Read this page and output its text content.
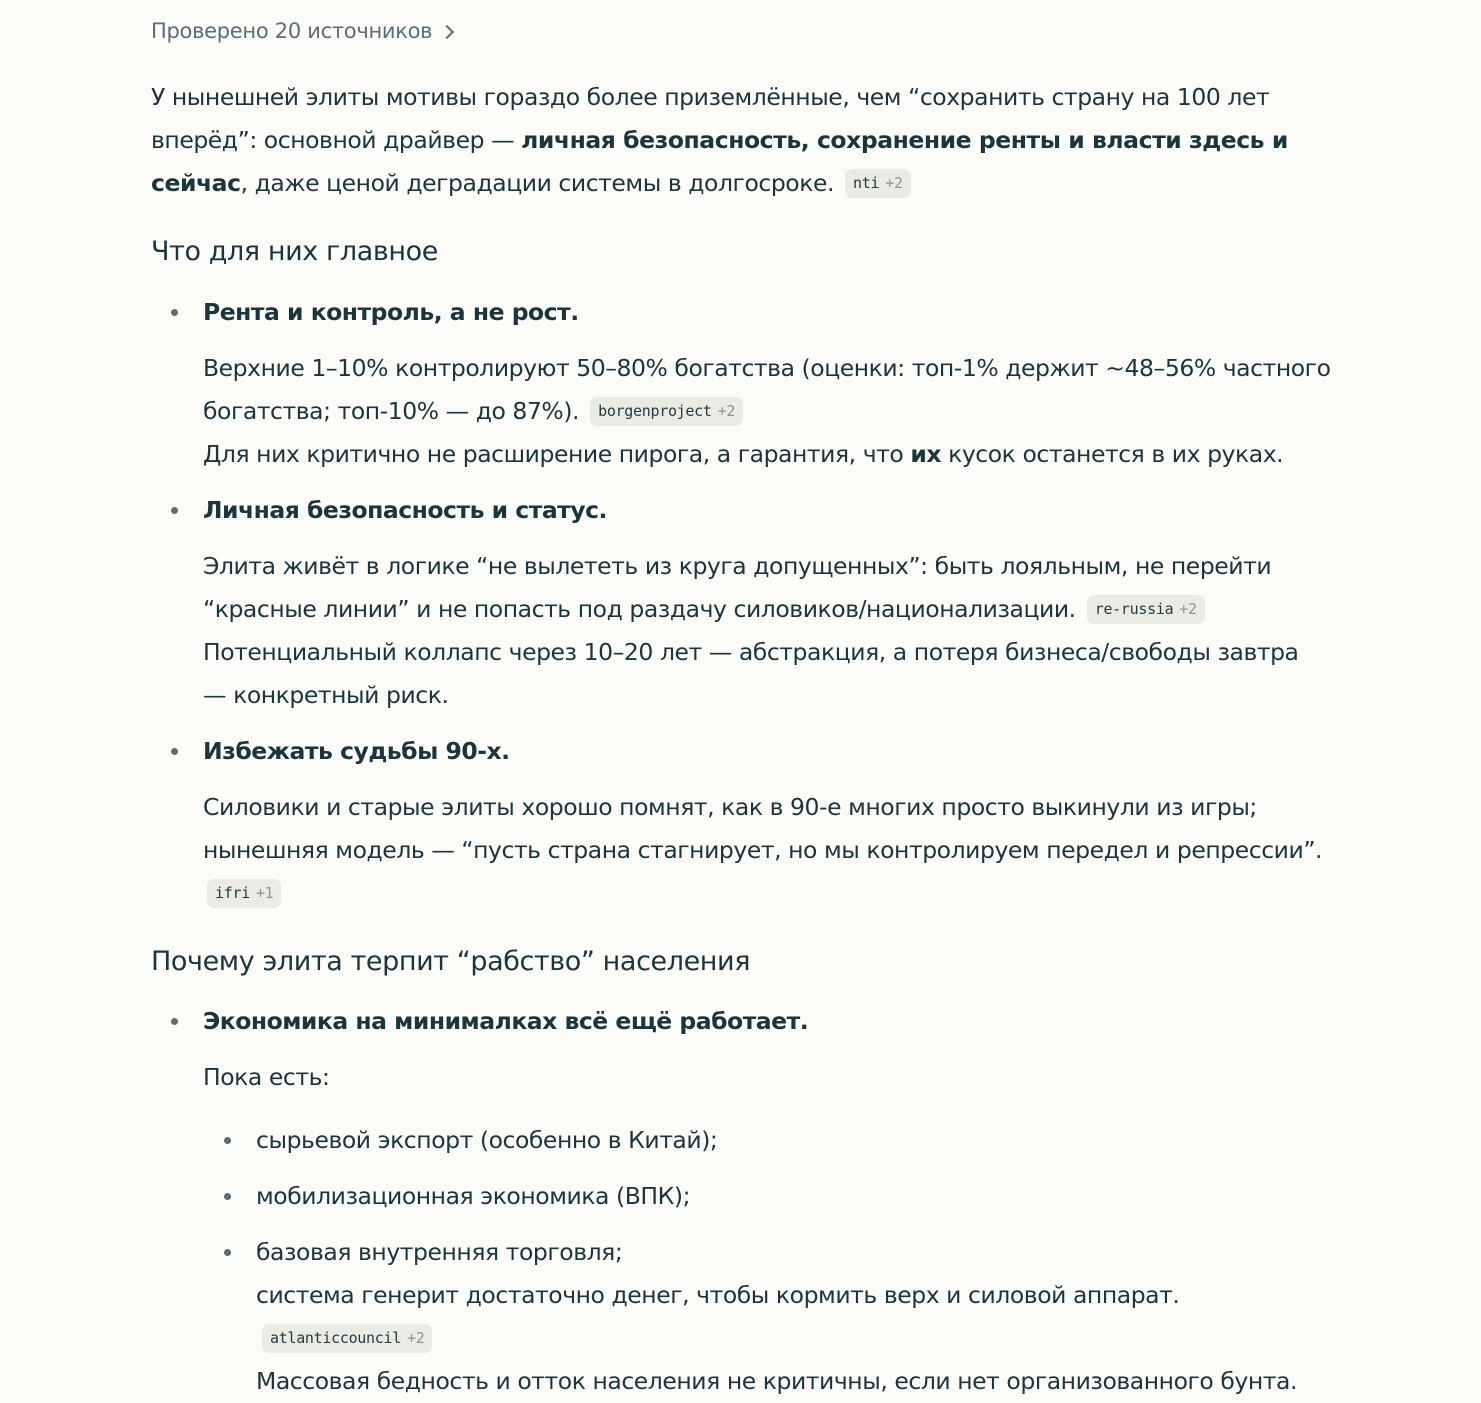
Проверено 20 источников

У нынешней элиты мотивы гораздо более приземлённые, чем “сохранить страну на 100 лет вперёд”: основной драйвер — личная безопасность, сохранение ренты и власти здесь и сейчас, даже ценой деградации системы в долгосроке. nti +2

Что для них главное
Рента и контроль, а не рост.

Верхние 1–10% контролируют 50–80% богатства (оценки: топ-1% держит ~48–56% частного богатства; топ-10% — до 87%). borgenproject +2

Для них критично не расширение пирога, а гарантия, что их кусок останется в их руках.

Личная безопасность и статус.

Элита живёт в логике “не вылететь из круга допущенных”: быть лояльным, не перейти “красные линии” и не попасть под раздачу силовиков/национализации. re-russia +2

Потенциальный коллапс через 10–20 лет — абстракция, а потеря бизнеса/свободы завтра — конкретный риск.

Избежать судьбы 90-х.

Силовики и старые элиты хорошо помнят, как в 90-е многих просто выкинули из игры; нынешняя модель — “пусть страна стагнирует, но мы контролируем передел и репрессии”.
ifri +1

Почему элита терпит “рабство” населения
Экономика на минималках всё ещё работает.

Пока есть:

сырьевой экспорт (особенно в Китай);

мобилизационная экономика (ВПК);

базовая внутренняя торговля;

система генерит достаточно денег, чтобы кормить верх и силовой аппарат.

atlanticcouncil +2

Массовая бедность и отток населения не критичны, если нет организованного бунта.
